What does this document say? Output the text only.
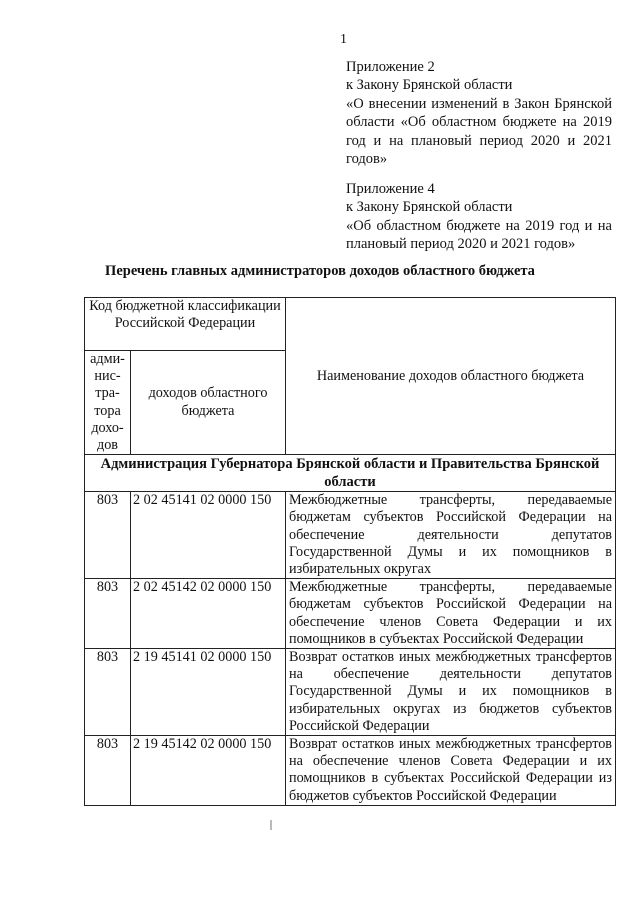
1

Приложение 2

к Закону Брянской области

«О внесении изменений в Закон Брянской области «Об областном бюджете на 2019 год и на плановый период 2020 и 2021 годов»

Приложение 4

к Закону Брянской области

«Об областном бюджете на 2019 год и на плановый период 2020 и 2021 годов»

Перечень главных администраторов доходов областного бюджета
Код бюджетной классификации Российской Федерации		Наименование доходов областного бюджета
адми-нис-тра-тора дохо-дов	доходов областного бюджета	
Администрация Губернатора Брянской области и Правительства Брянской области		
803	2 02 45141 02 0000 150	Межбюджетные трансферты, передаваемые бюджетам субъектов Российской Федерации на обеспечение деятельности депутатов Государственной Думы и их помощников в избирательных округах
803	2 02 45142 02 0000 150	Межбюджетные трансферты, передаваемые бюджетам субъектов Российской Федерации на обеспечение членов Совета Федерации и их помощников в субъектах Российской Федерации
803	2 19 45141 02 0000 150	Возврат остатков иных межбюджетных трансфертов на обеспечение деятельности депутатов Государственной Думы и их помощников в избирательных округах из бюджетов субъектов Российской Федерации
803	2 19 45142 02 0000 150	Возврат остатков иных межбюджетных трансфертов на обеспечение членов Совета Федерации и их помощников в субъектах Российской Федерации из бюджетов субъектов Российской Федерации
